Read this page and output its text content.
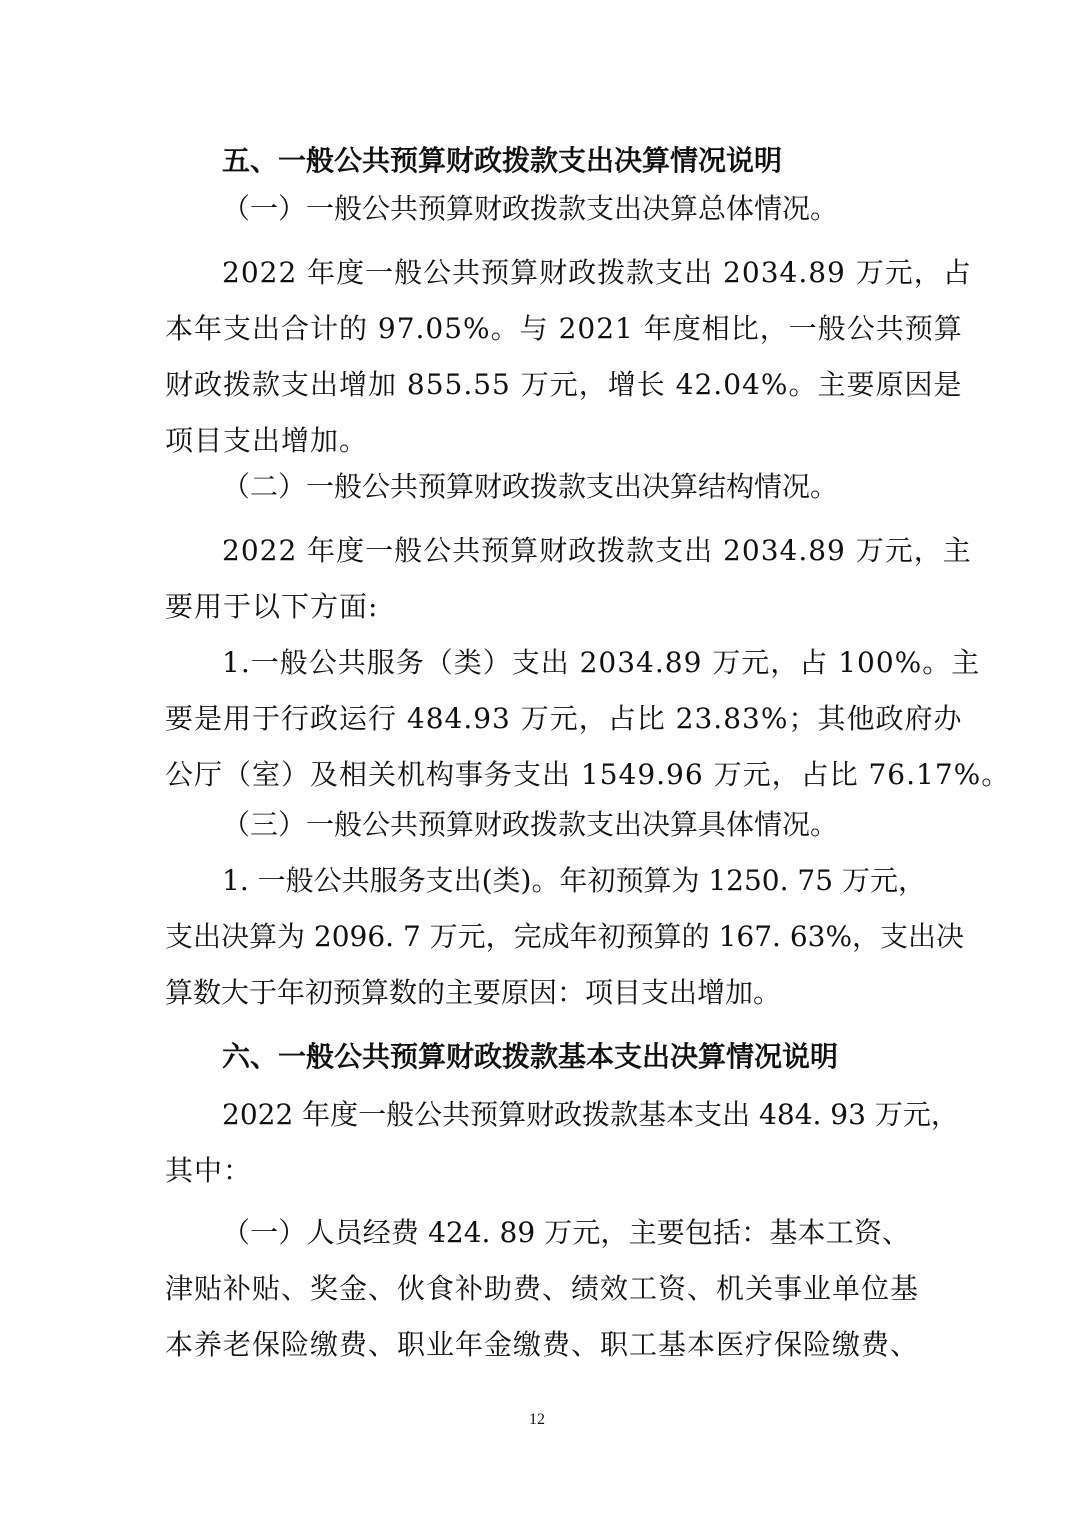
五、一般公共预算财政拨款支出决算情况说明

（一）一般公共预算财政拨款支出决算总体情况。

2022 年度一般公共预算财政拨款支出 2034.89 万元，占

本年支出合计的 97.05%。与 2021 年度相比，一般公共预算

财政拨款支出增加 855.55 万元，增长 42.04%。主要原因是

项目支出增加。

（二）一般公共预算财政拨款支出决算结构情况。

2022 年度一般公共预算财政拨款支出 2034.89 万元，主

要用于以下方面:

1.一般公共服务（类）支出 2034.89 万元，占 100%。主

要是用于行政运行 484.93 万元，占比 23.83%；其他政府办

公厅（室）及相关机构事务支出 1549.96 万元，占比 76.17%。

（三）一般公共预算财政拨款支出决算具体情况。

1. 一般公共服务支出(类)。年初预算为 1250. 75 万元，

支出决算为 2096. 7 万元，完成年初预算的 167. 63%，支出决

算数大于年初预算数的主要原因：项目支出增加。

六、一般公共预算财政拨款基本支出决算情况说明

2022 年度一般公共预算财政拨款基本支出 484. 93 万元，

其中：

（一）人员经费 424. 89 万元，主要包括：基本工资、

津贴补贴、奖金、伙食补助费、绩效工资、机关事业单位基

本养老保险缴费、职业年金缴费、职工基本医疗保险缴费、

12
